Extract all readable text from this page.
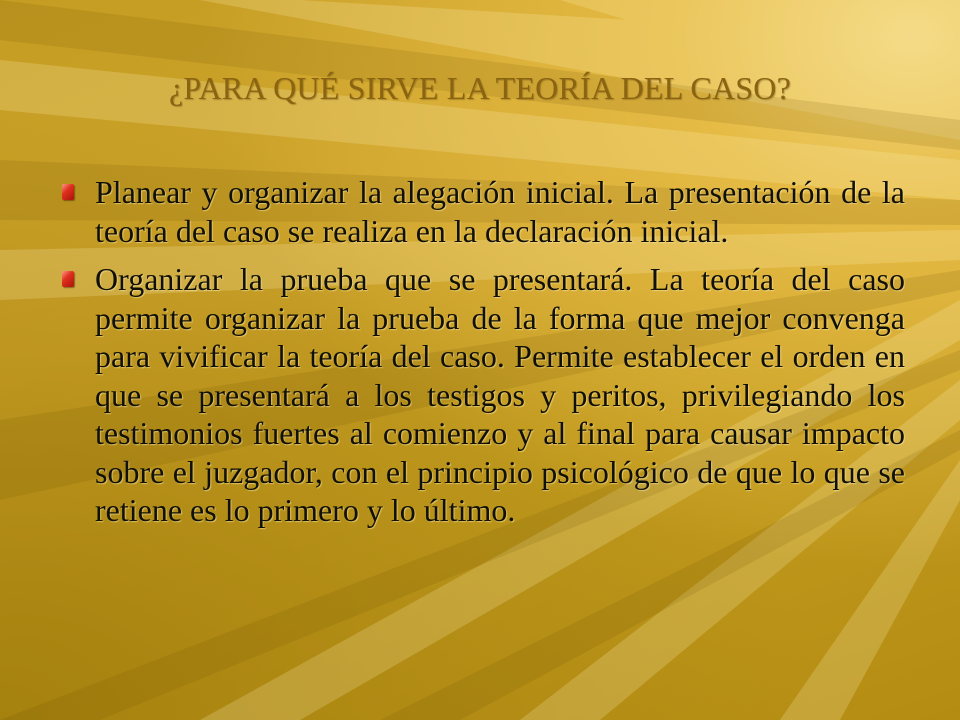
¿PARA QUÉ SIRVE LA TEORÍA DEL CASO?
Planear y organizar la alegación inicial. La presentación de la teoría del caso se realiza en la declaración inicial.
Organizar la prueba que se presentará. La teoría del caso permite organizar la prueba de la forma que mejor convenga para vivificar la teoría del caso. Permite establecer el orden en que se presentará a los testigos y peritos, privilegiando los testimonios fuertes al comienzo y al final para causar impacto sobre el juzgador, con el principio psicológico de que lo que se retiene es lo primero y lo último.
